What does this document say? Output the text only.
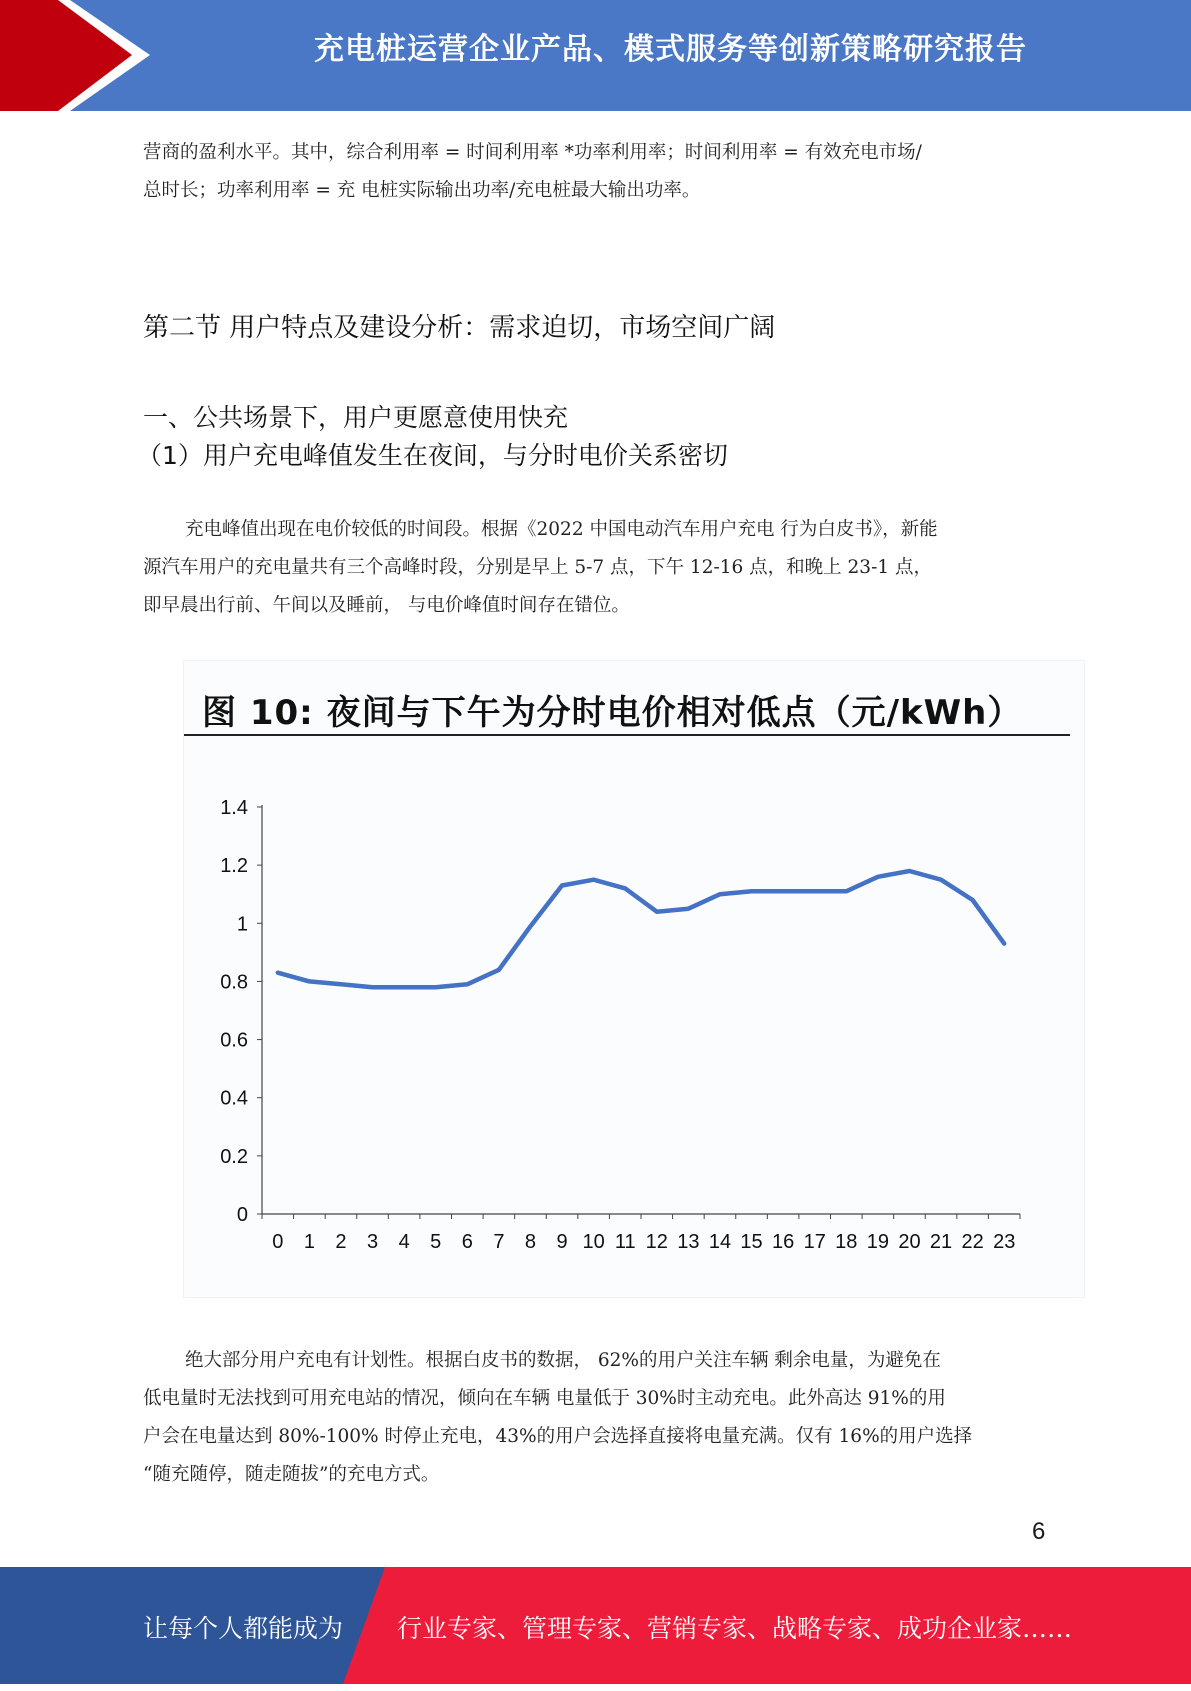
充电桩运营企业产品、模式服务等创新策略研究报告

营商的盈利水平。其中，综合利用率 = 时间利用率 *功率利用率；时间利用率 = 有效充电市场/

总时长；功率利用率 = 充 电桩实际输出功率/充电桩最大输出功率。

第二节 用户特点及建设分析：需求迫切，市场空间广阔
一、公共场景下，用户更愿意使用快充
（1）用户充电峰值发生在夜间，与分时电价关系密切

充电峰值出现在电价较低的时间段。根据《2022 中国电动汽车用户充电 行为白皮书》，新能

源汽车用户的充电量共有三个高峰时段，分别是早上 5-7 点，下午 12-16 点，和晚上 23-1 点，

即早晨出行前、午间以及睡前， 与电价峰值时间存在错位。

图 10: 夜间与下午为分时电价相对低点（元/kWh）
0
0.2
0.4
0.6
0.8
1
1.2
1.4
0 1 2 3 4 5 6 7 8 9 10 11 12 13 14 15 16 17 18 19 20 21 22 23

绝大部分用户充电有计划性。根据白皮书的数据， 62%的用户关注车辆 剩余电量，为避免在

低电量时无法找到可用充电站的情况，倾向在车辆 电量低于 30%时主动充电。此外高达 91%的用

户会在电量达到 80%-100% 时停止充电，43%的用户会选择直接将电量充满。仅有 16%的用户选择

“随充随停，随走随拔”的充电方式。

6
让每个人都能成为 行业专家、管理专家、营销专家、战略专家、成功企业家……
